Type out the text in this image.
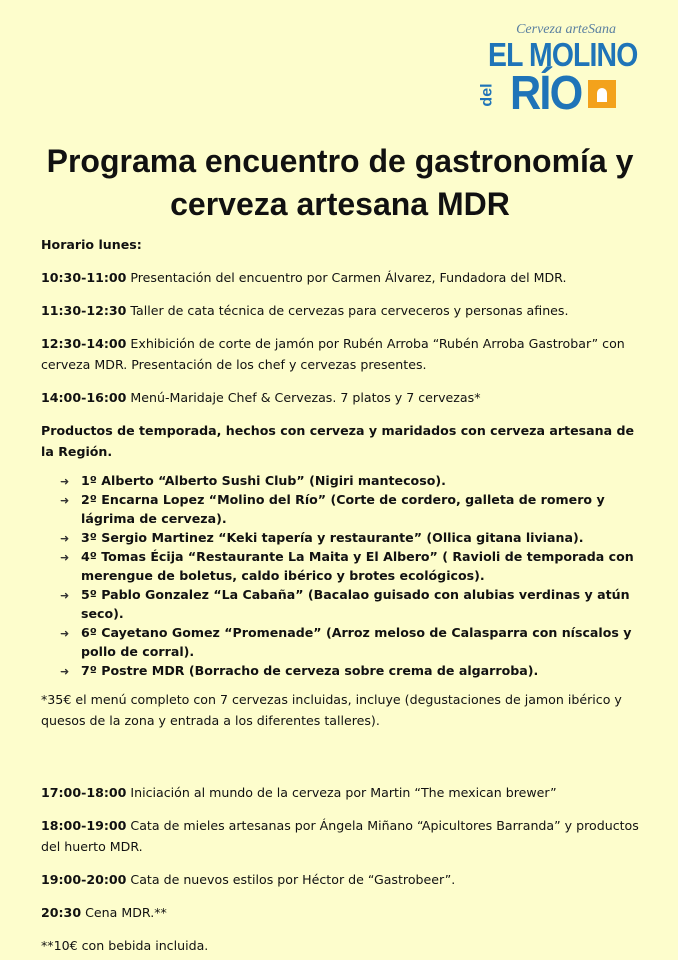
Cerveza arteSana
EL MOLINO
del RÍO
Programa encuentro de gastronomía y
cerveza artesana MDR

Horario lunes:

10:30-11:00 Presentación del encuentro por Carmen Álvarez, Fundadora del MDR.

11:30-12:30 Taller de cata técnica de cervezas para cerveceros y personas afines.

12:30-14:00 Exhibición de corte de jamón por Rubén Arroba “Rubén Arroba Gastrobar” con cerveza MDR. Presentación de los chef y cervezas presentes.

14:00-16:00 Menú-Maridaje Chef & Cervezas. 7 platos y 7 cervezas*

Productos de temporada, hechos con cerveza y maridados con cerveza artesana de la Región.

➜ 1º Alberto “Alberto Sushi Club” (Nigiri mantecoso).
➜ 2º Encarna Lopez “Molino del Río” (Corte de cordero, galleta de romero y lágrima de cerveza).
➜ 3º Sergio Martinez “Keki tapería y restaurante” (Ollica gitana liviana).
➜ 4º Tomas Écija “Restaurante La Maita y El Albero” ( Ravioli de temporada con merengue de boletus, caldo ibérico y brotes ecológicos).
➜ 5º Pablo Gonzalez “La Cabaña” (Bacalao guisado con alubias verdinas y atún seco).
➜ 6º Cayetano Gomez “Promenade” (Arroz meloso de Calasparra con níscalos y pollo de corral).
➜ 7º Postre MDR (Borracho de cerveza sobre crema de algarroba).

*35€ el menú completo con 7 cervezas incluidas, incluye (degustaciones de jamon ibérico y quesos de la zona y entrada a los diferentes talleres).

17:00-18:00 Iniciación al mundo de la cerveza por Martin “The mexican brewer”

18:00-19:00 Cata de mieles artesanas por Ángela Miñano “Apicultores Barranda” y productos del huerto MDR.

19:00-20:00 Cata de nuevos estilos por Héctor de “Gastrobeer”.

20:30 Cena MDR.**

**10€ con bebida incluida.
